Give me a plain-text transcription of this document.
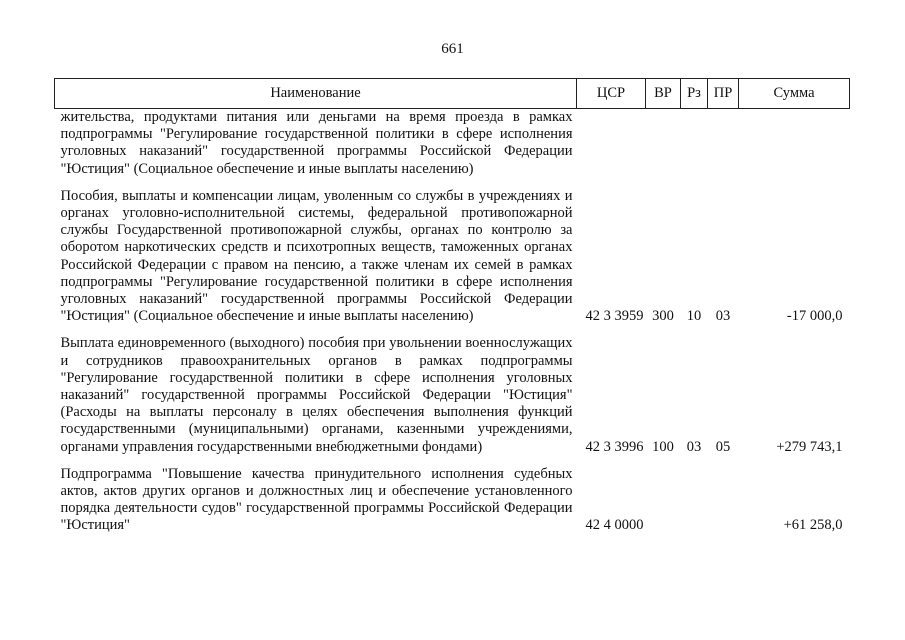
661
Наименование	ЦСР	ВР	Рз	ПР	Сумма
жительства, продуктами питания или деньгами на время проезда в рамках подпрограммы "Регулирование государственной политики в сфере исполнения уголовных наказаний" государственной программы Российской Федерации "Юстиция" (Социальное обеспечение и иные выплаты населению)					
Пособия, выплаты и компенсации лицам, уволенным со службы в учреждениях и органах уголовно-исполнительной системы, федеральной противопожарной службы Государственной противопожарной службы, органах по контролю за оборотом наркотических средств и психотропных веществ, таможенных органах Российской Федерации с правом на пенсию, а также членам их семей в рамках подпрограммы "Регулирование государственной политики в сфере исполнения уголовных наказаний" государственной программы Российской Федерации "Юстиция" (Социальное обеспечение и иные выплаты населению)	42 3 3959	300	10	03	-17 000,0
Выплата единовременного (выходного) пособия при увольнении военнослужащих и сотрудников правоохранительных органов в рамках подпрограммы "Регулирование государственной политики в сфере исполнения уголовных наказаний" государственной программы Российской Федерации "Юстиция" (Расходы на выплаты персоналу в целях обеспечения выполнения функций государственными (муниципальными) органами, казенными учреждениями, органами управления государственными внебюджетными фондами)	42 3 3996	100	03	05	+279 743,1
Подпрограмма "Повышение качества принудительного исполнения судебных актов, актов других органов и должностных лиц и обеспечение установленного порядка деятельности судов" государственной программы Российской Федерации "Юстиция"	42 4 0000				+61 258,0
